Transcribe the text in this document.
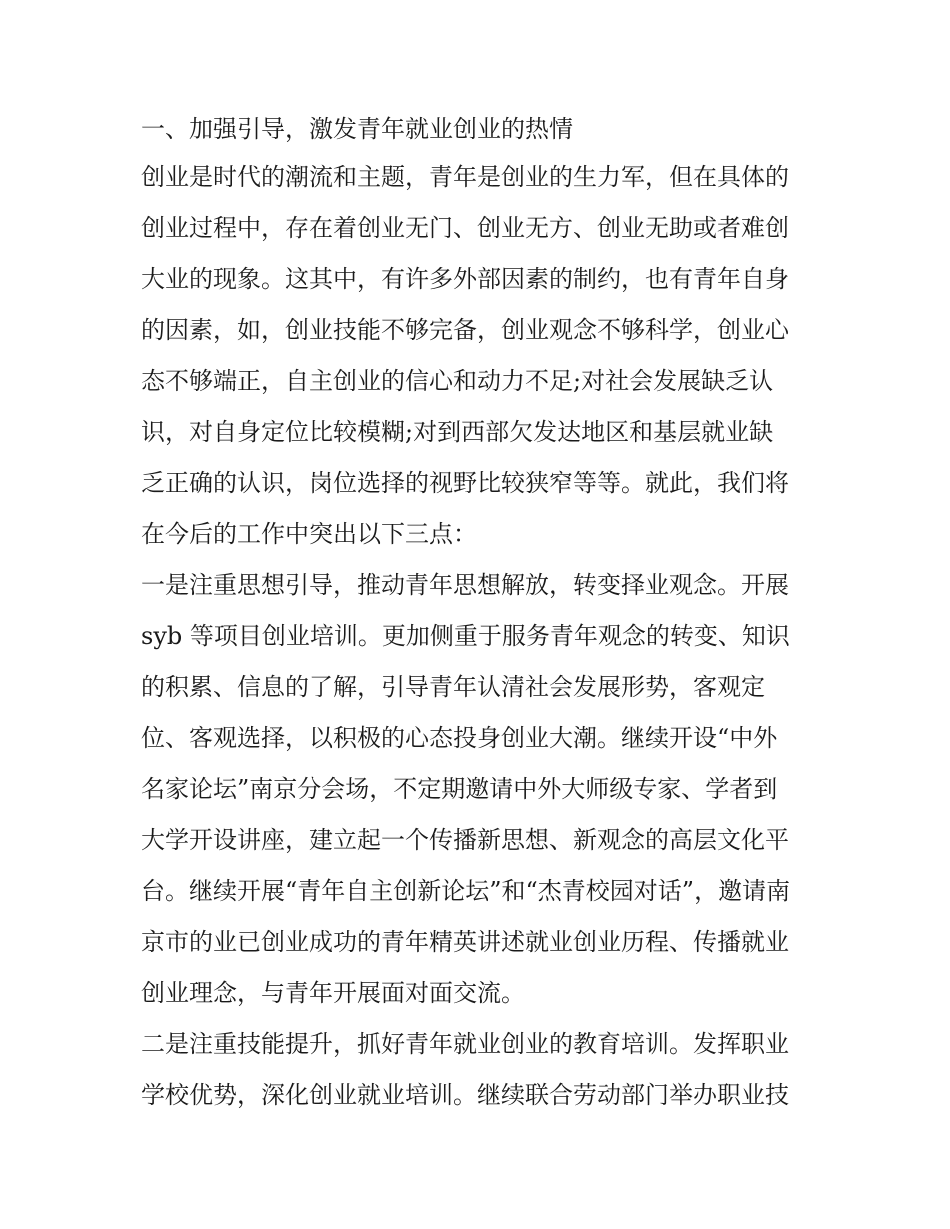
一、加强引导，激发青年就业创业的热情
创业是时代的潮流和主题，青年是创业的生力军，但在具体的
创业过程中，存在着创业无门、创业无方、创业无助或者难创
大业的现象。这其中，有许多外部因素的制约，也有青年自身
的因素，如，创业技能不够完备，创业观念不够科学，创业心
态不够端正，自主创业的信心和动力不足;对社会发展缺乏认
识，对自身定位比较模糊;对到西部欠发达地区和基层就业缺
乏正确的认识，岗位选择的视野比较狭窄等等。就此，我们将
在今后的工作中突出以下三点：
一是注重思想引导，推动青年思想解放，转变择业观念。开展
syb 等项目创业培训。更加侧重于服务青年观念的转变、知识
的积累、信息的了解，引导青年认清社会发展形势，客观定
位、客观选择，以积极的心态投身创业大潮。继续开设“中外
名家论坛”南京分会场，不定期邀请中外大师级专家、学者到
大学开设讲座，建立起一个传播新思想、新观念的高层文化平
台。继续开展“青年自主创新论坛”和“杰青校园对话”，邀请南
京市的业已创业成功的青年精英讲述就业创业历程、传播就业
创业理念，与青年开展面对面交流。
二是注重技能提升，抓好青年就业创业的教育培训。发挥职业
学校优势，深化创业就业培训。继续联合劳动部门举办职业技
